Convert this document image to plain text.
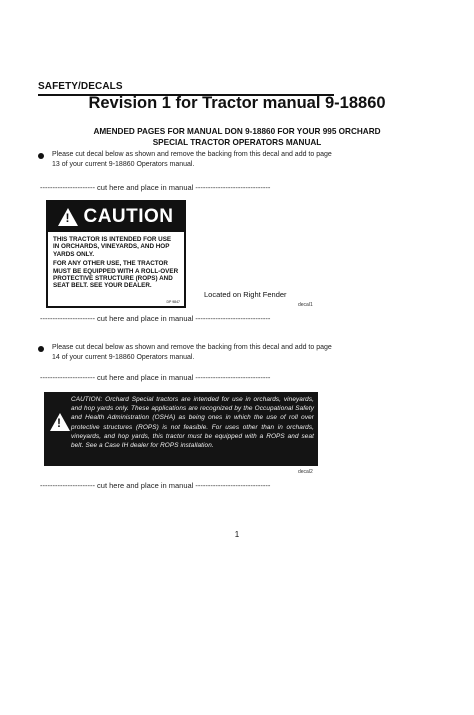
SAFETY/DECALS
Revision 1 for Tractor manual 9-18860
AMENDED PAGES FOR MANUAL DON 9-18860 FOR YOUR 995 ORCHARD
SPECIAL TRACTOR OPERATORS MANUAL
Please cut decal below as shown and remove the backing from this decal and add to page
13 of your current 9-18860 Operators manual.
---------------------- cut here and place in manual ------------------------------
! CAUTION

THIS TRACTOR IS INTENDED FOR USE IN ORCHARDS, VINEYARDS, AND HOP YARDS ONLY.

FOR ANY OTHER USE, THE TRACTOR MUST BE EQUIPPED WITH A ROLL-OVER PROTECTIVE STRUCTURE (ROPS) AND SEAT BELT. SEE YOUR DEALER.

DP 9847
Located on Right Fender
decal1
---------------------- cut here and place in manual ------------------------------
Please cut decal below as shown and remove the backing from this decal and add to page
14 of your current 9-18860 Operators manual.
---------------------- cut here and place in manual ------------------------------
!
CAUTION: Orchard Special tractors are intended for use in orchards, vineyards, and hop yards only. These applications are recognized by the Occupational Safety and Health Administration (OSHA) as being ones in which the use of roll over protective structures (ROPS) is not feasible. For uses other than in orchards, vineyards, and hop yards, this tractor must be equipped with a ROPS and seat belt. See a Case IH dealer for ROPS installation.
decal2
---------------------- cut here and place in manual ------------------------------
1
